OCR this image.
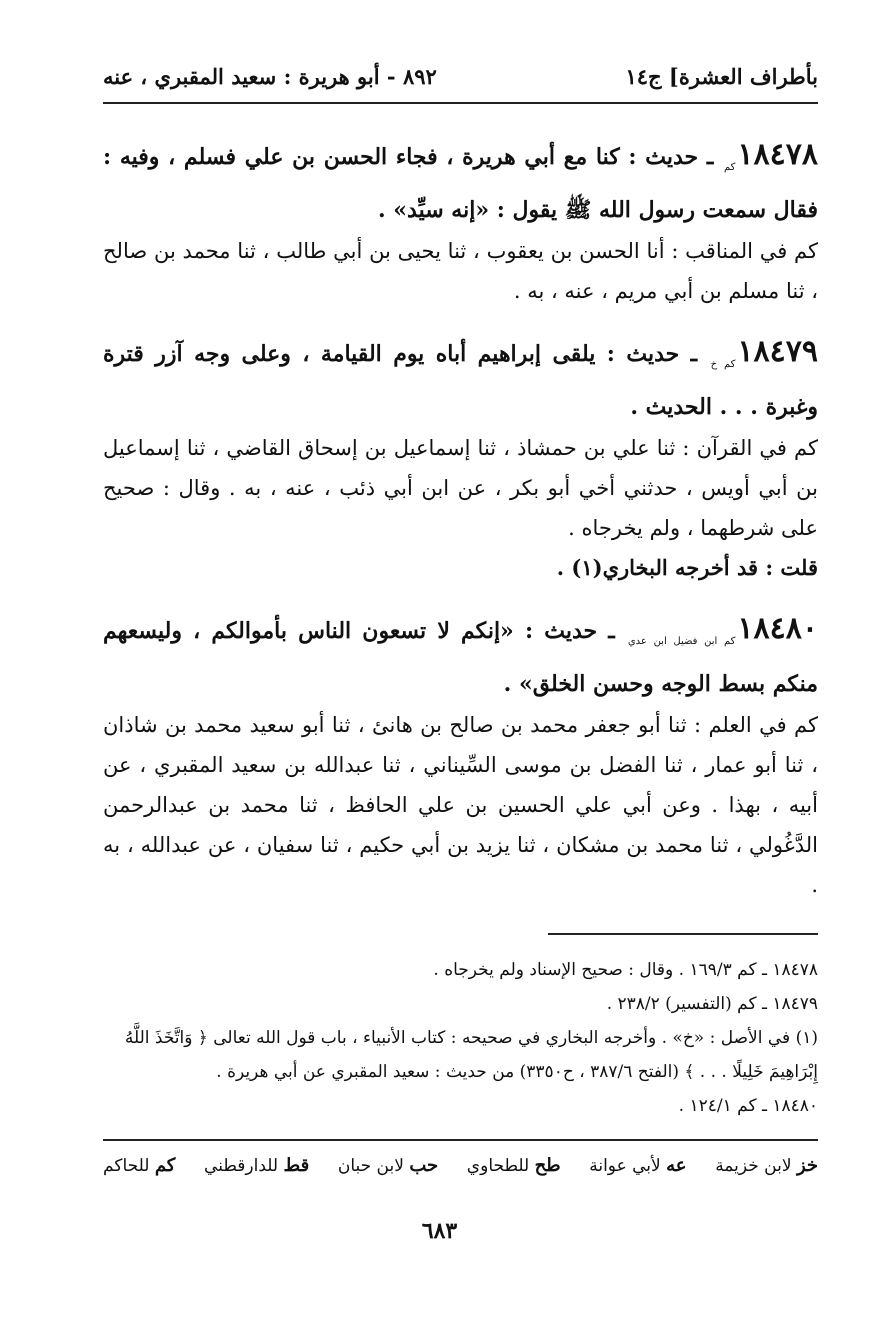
بأطراف العشرة] ج١٤
٨٩٢ - أبو هريرة : سعيد المقبري ، عنه
$١٨٤٧٨_{كم}$ ـ حديث : كنا مع أبي هريرة ، فجاء الحسن بن علي فسلم ، وفيه : فقال سمعت رسول الله ﷺ يقول : «إنه سيِّد» .

كم في المناقب : أنا الحسن بن يعقوب ، ثنا يحيى بن أبي طالب ، ثنا محمد بن صالح ، ثنا مسلم بن أبي مريم ، عنه ، به .

$١٨٤٧٩_{كم خ}$ ـ حديث : يلقى إبراهيم أباه يوم القيامة ، وعلى وجه آزر قترة وغبرة . . . الحديث .

كم في القرآن : ثنا علي بن حمشاذ ، ثنا إسماعيل بن إسحاق القاضي ، ثنا إسماعيل بن أبي أويس ، حدثني أخي أبو بكر ، عن ابن أبي ذئب ، عنه ، به . وقال : صحيح على شرطهما ، ولم يخرجاه .

قلت : قد أخرجه البخاري(١) .
$١٨٤٨٠_{كم ابن فضيل ابن عدي}$ ـ حديث : «إنكم لا تسعون الناس بأموالكم ، وليسعهم منكم بسط الوجه وحسن الخلق» .

كم في العلم : ثنا أبو جعفر محمد بن صالح بن هانئ ، ثنا أبو سعيد محمد بن شاذان ، ثنا أبو عمار ، ثنا الفضل بن موسى السِّيناني ، ثنا عبدالله بن سعيد المقبري ، عن أبيه ، بهذا . وعن أبي علي الحسين بن علي الحافظ ، ثنا محمد بن عبدالرحمن الدَّغُولي ، ثنا محمد بن مشكان ، ثنا يزيد بن أبي حكيم ، ثنا سفيان ، عن عبدالله ، به .

١٨٤٧٨ ـ كم ١٦٩/٣ . وقال : صحيح الإسناد ولم يخرجاه .

١٨٤٧٩ ـ كم (التفسير) ٢٣٨/٢ .

(١) في الأصل : «خ» . وأخرجه البخاري في صحيحه : كتاب الأنبياء ، باب قول الله تعالى ﴿ وَاتَّخَذَ اللَّهُ إِبْرَاهِيمَ خَلِيلًا . . . ﴾ (الفتح ٣٨٧/٦ ، ح٣٣٥٠) من حديث : سعيد المقبري عن أبي هريرة .

١٨٤٨٠ ـ كم ١٢٤/١ .

خز لابن خزيمة
عه لأبي عوانة
طح للطحاوي
حب لابن حبان
قط للدارقطني
كم للحاكم
٦٨٣
